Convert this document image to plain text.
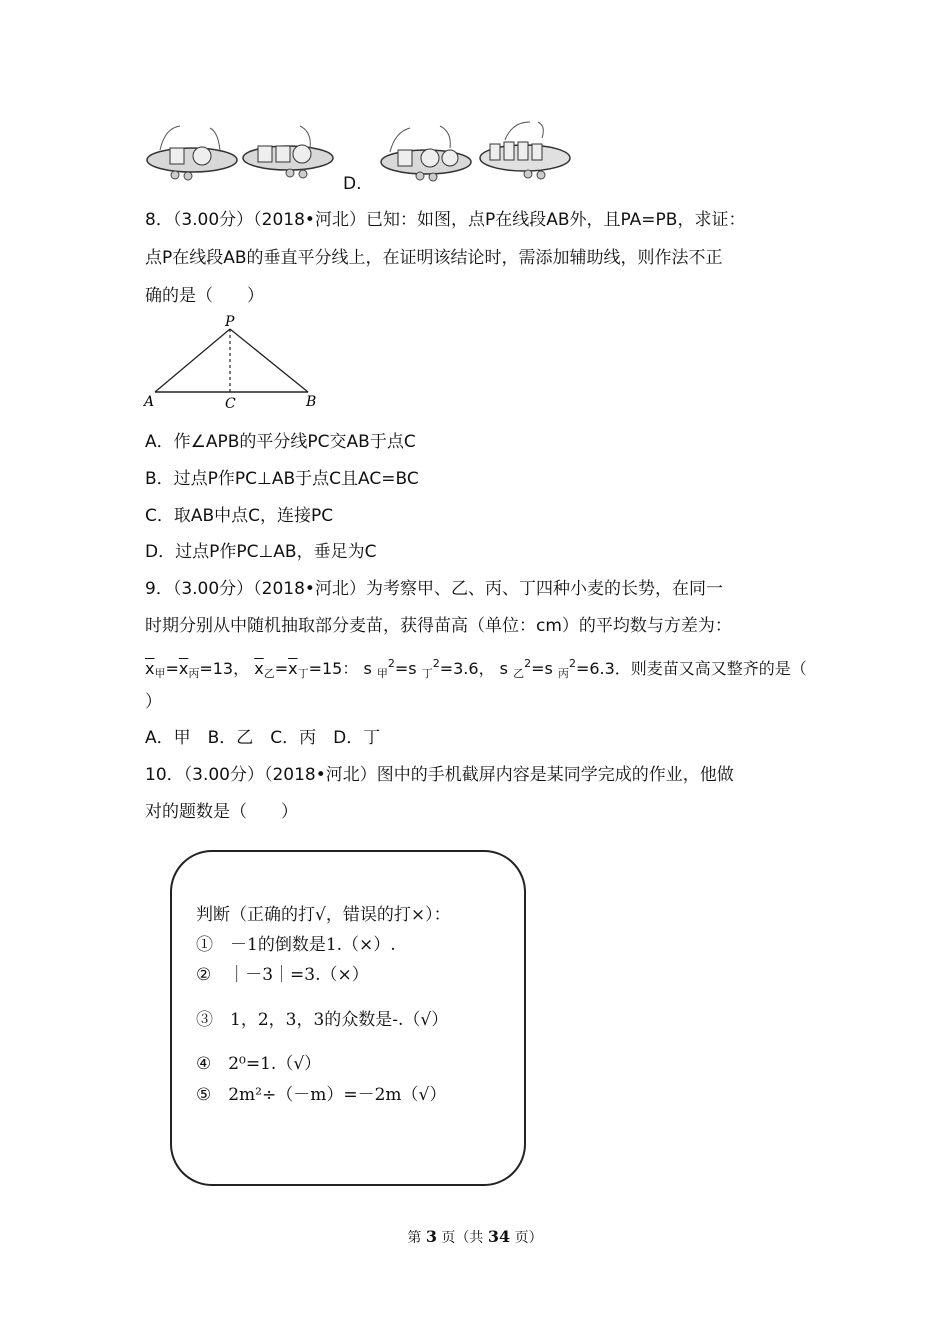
D.
8．（3.00分）（2018•河北）已知：如图，点P在线段AB外，且PA=PB，求证：
点P在线段AB的垂直平分线上，在证明该结论时，需添加辅助线，则作法不正
确的是（　　）
P
A	C	B
A．作∠APB的平分线PC交AB于点C
B．过点P作PC⊥AB于点C且AC=BC
C．取AB中点C，连接PC
D．过点P作PC⊥AB，垂足为C
9．（3.00分）（2018•河北）为考察甲、乙、丙、丁四种小麦的长势，在同一
时期分别从中随机抽取部分麦苗，获得苗高（单位：cm）的平均数与方差为：
$\overline{x}_甲=\overline{x}_丙=13$， $\overline{x}_乙=\overline{x}_丁=15$： s $_甲^2$=s $_丁^2$=3.6， s $_乙^2$=s $_丙^2$=6.3．则麦苗又高又整齐的是（
）
A．甲　B．乙　C．丙　D．丁
10．（3.00分）（2018•河北）图中的手机截屏内容是某同学完成的作业，他做
对的题数是（　　）
判断（正确的打√，错误的打×）：
①　－1的倒数是1.（×）.
②　｜－3｜=3.（×）
③　1，2，3，3的众数是-.（√）
④　2⁰=1.（√）
⑤　2m²÷（－m）=－2m（√）
第 3 页（共 34 页）
